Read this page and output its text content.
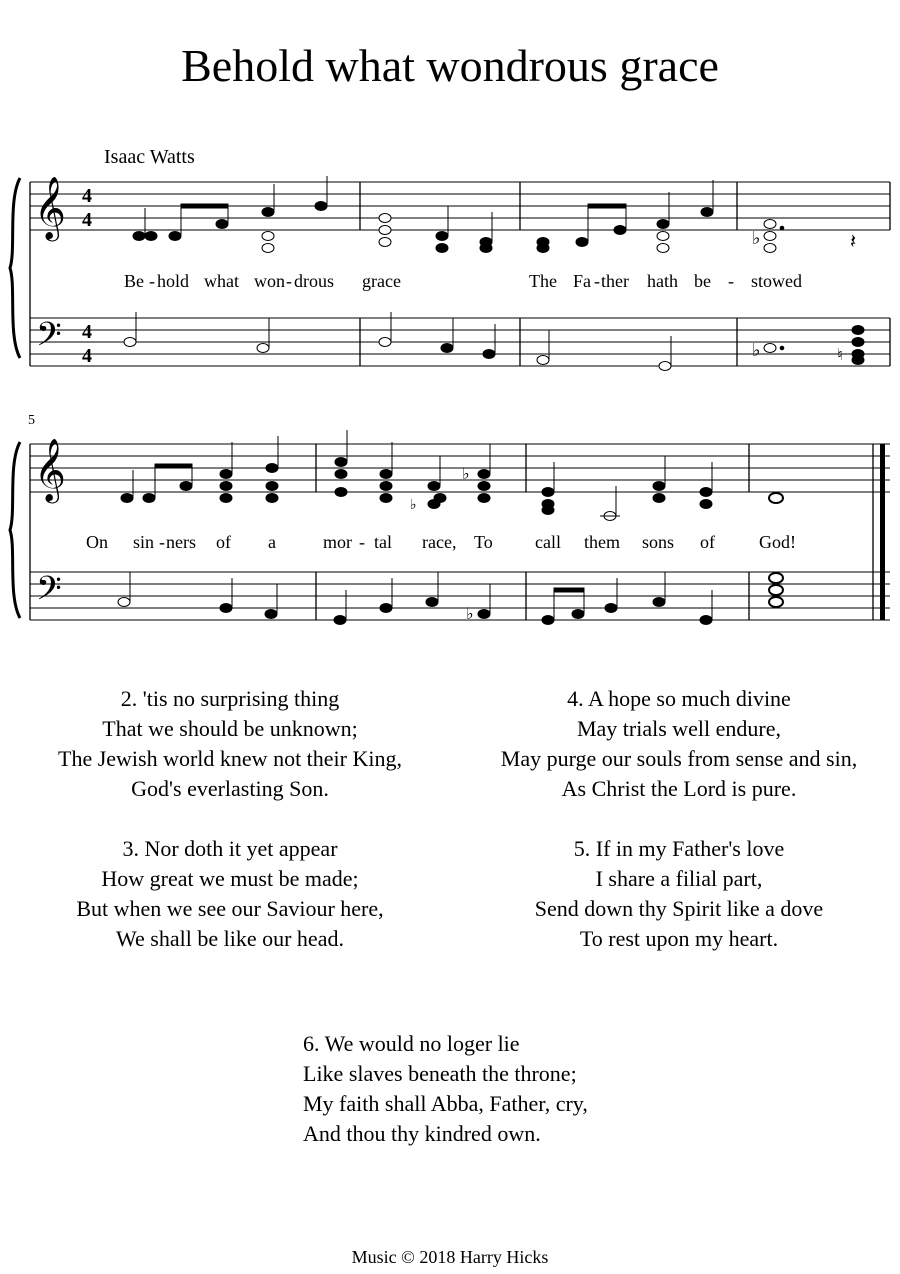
Behold what wondrous grace
Isaac Watts
𝄞
𝄢
4
4
4
4
♭	𝄽
♭	♮
Be - hold what won - drous grace	The Fa - ther hath be - stowed
5
𝄞
𝄢
♭
♭
♭
On sin - ners of a	mor - tal race, To call them sons of God!
2. 'tis no surprising thing
That we should be unknown;
The Jewish world knew not their King,
God's everlasting Son.
4. A hope so much divine
May trials well endure,
May purge our souls from sense and sin,
As Christ the Lord is pure.
3. Nor doth it yet appear
How great we must be made;
But when we see our Saviour here,
We shall be like our head.
5. If in my Father's love
I share a filial part,
Send down thy Spirit like a dove
To rest upon my heart.
6. We would no loger lie
Like slaves beneath the throne;
My faith shall Abba, Father, cry,
And thou thy kindred own.
Music © 2018 Harry Hicks
